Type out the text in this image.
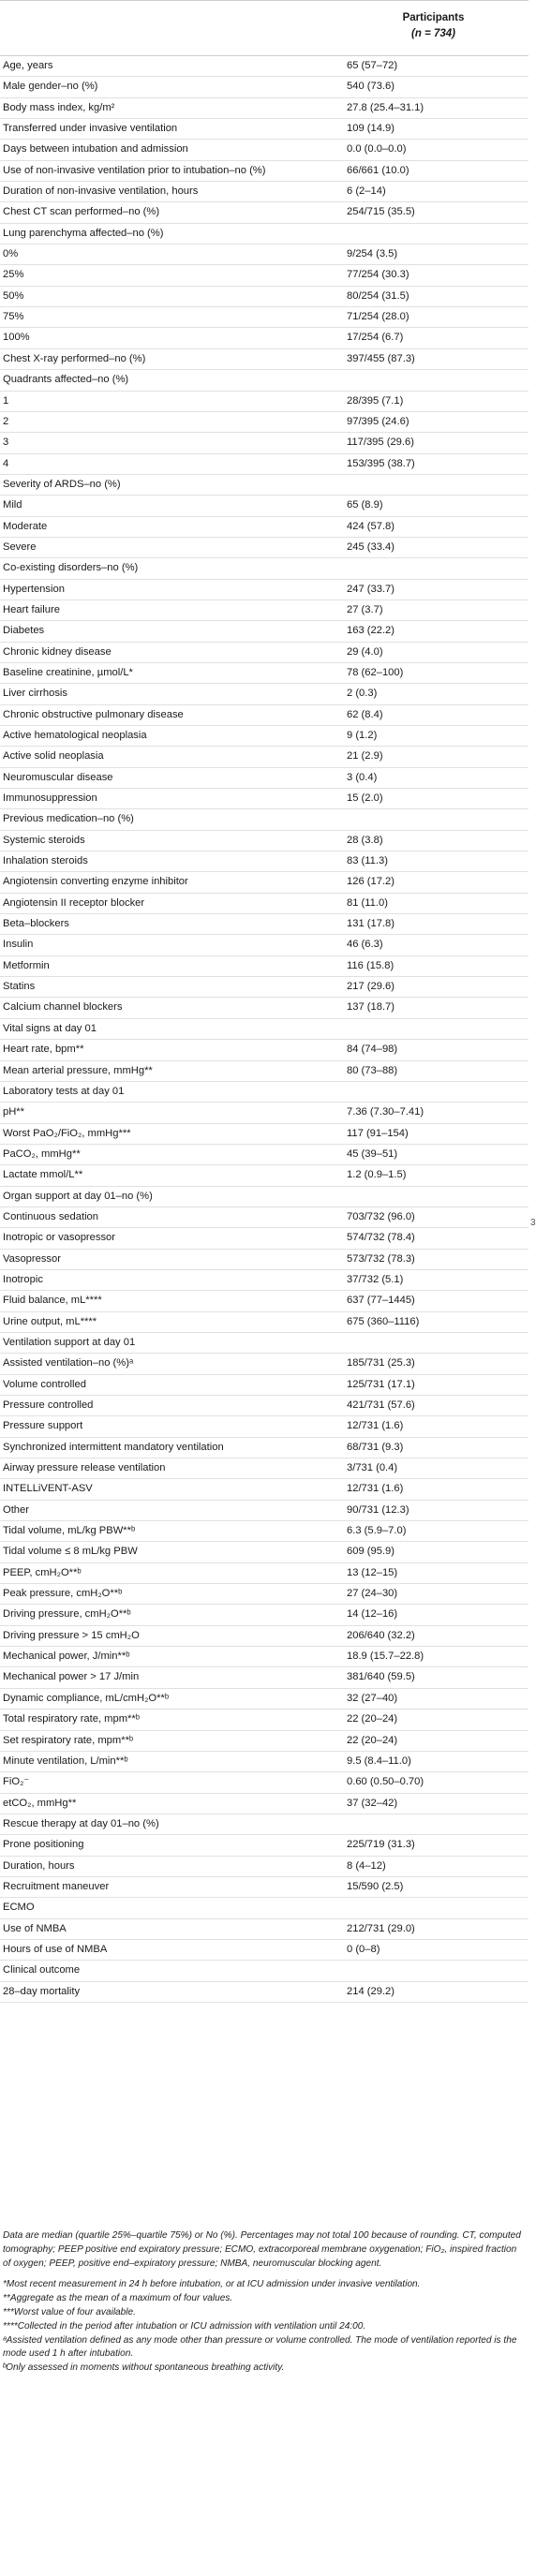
Participants
(n = 734)
Age, years	65 (57–72)
Male gender–no (%)	540 (73.6)
Body mass index, kg/m²	27.8 (25.4–31.1)
Transferred under invasive ventilation	109 (14.9)
Days between intubation and admission	0.0 (0.0–0.0)
Use of non-invasive ventilation prior to intubation–no (%)	66/661 (10.0)
Duration of non-invasive ventilation, hours	6 (2–14)
Chest CT scan performed–no (%)	254/715 (35.5)
Lung parenchyma affected–no (%)
0%	9/254 (3.5)
25%	77/254 (30.3)
50%	80/254 (31.5)
75%	71/254 (28.0)
100%	17/254 (6.7)
Chest X-ray performed–no (%)	397/455 (87.3)
Quadrants affected–no (%)
1	28/395 (7.1)
2	97/395 (24.6)
3	117/395 (29.6)
4	153/395 (38.7)
Severity of ARDS–no (%)
Mild	65 (8.9)
Moderate	424 (57.8)
Severe	245 (33.4)
Co-existing disorders–no (%)
Hypertension	247 (33.7)
Heart failure	27 (3.7)
Diabetes	163 (22.2)
Chronic kidney disease	29 (4.0)
Baseline creatinine, µmol/L*	78 (62–100)
Liver cirrhosis	2 (0.3)
Chronic obstructive pulmonary disease	62 (8.4)
Active hematological neoplasia	9 (1.2)
Active solid neoplasia	21 (2.9)
Neuromuscular disease	3 (0.4)
Immunosuppression	15 (2.0)
Previous medication–no (%)
Systemic steroids	28 (3.8)
Inhalation steroids	83 (11.3)
Angiotensin converting enzyme inhibitor	126 (17.2)
Angiotensin II receptor blocker	81 (11.0)
Beta–blockers	131 (17.8)
Insulin	46 (6.3)
Metformin	116 (15.8)
Statins	217 (29.6)
Calcium channel blockers	137 (18.7)
Vital signs at day 01
Heart rate, bpm**	84 (74–98)
Mean arterial pressure, mmHg**	80 (73–88)
Laboratory tests at day 01
pH**	7.36 (7.30–7.41)
Worst PaO₂/FiO₂, mmHg***	117 (91–154)
PaCO₂, mmHg**	45 (39–51)
Lactate mmol/L**	1.2 (0.9–1.5)
Organ support at day 01–no (%)
Continuous sedation	703/732 (96.0)
Inotropic or vasopressor	574/732 (78.4)
Vasopressor	573/732 (78.3)
Inotropic	37/732 (5.1)
Fluid balance, mL****	637 (77–1445)
Urine output, mL****	675 (360–1116)
Ventilation support at day 01
Assisted ventilation–no (%)ᵃ	185/731 (25.3)
Volume controlled	125/731 (17.1)
Pressure controlled	421/731 (57.6)
Pressure support	12/731 (1.6)
Synchronized intermittent mandatory ventilation	68/731 (9.3)
Airway pressure release ventilation	3/731 (0.4)
INTELLiVENT-ASV	12/731 (1.6)
Other	90/731 (12.3)
Tidal volume, mL/kg PBW**ᵇ	6.3 (5.9–7.0)
Tidal volume ≤ 8 mL/kg PBW	609 (95.9)
PEEP, cmH₂O**ᵇ	13 (12–15)
Peak pressure, cmH₂O**ᵇ	27 (24–30)
Driving pressure, cmH₂O**ᵇ	14 (12–16)
Driving pressure > 15 cmH₂O	206/640 (32.2)
Mechanical power, J/min**ᵇ	18.9 (15.7–22.8)
Mechanical power > 17 J/min	381/640 (59.5)
Dynamic compliance, mL/cmH₂O**ᵇ	32 (27–40)
Total respiratory rate, mpm**ᵇ	22 (20–24)
Set respiratory rate, mpm**ᵇ	22 (20–24)
Minute ventilation, L/min**ᵇ	9.5 (8.4–11.0)
FiO₂⁻	0.60 (0.50–0.70)
etCO₂, mmHg**	37 (32–42)
Rescue therapy at day 01–no (%)
Prone positioning	225/719 (31.3)
Duration, hours	8 (4–12)
Recruitment maneuver	15/590 (2.5)
ECMO
Use of NMBA	212/731 (29.0)
Hours of use of NMBA	0 (0–8)
Clinical outcome
28–day mortality	214 (29.2)

Data are median (quartile 25%–quartile 75%) or No (%). Percentages may not total 100 because of rounding. CT, computed tomography; PEEP positive end expiratory pressure; ECMO, extracorporeal membrane oxygenation; FiO₂, inspired fraction of oxygen; PEEP, positive end–expiratory pressure; NMBA, neuromuscular blocking agent.

*Most recent measurement in 24 h before intubation, or at ICU admission under invasive ventilation.

**Aggregate as the mean of a maximum of four values.

***Worst value of four available.

****Collected in the period after intubation or ICU admission with ventilation until 24:00.

ᵃAssisted ventilation defined as any mode other than pressure or volume controlled. The mode of ventilation reported is the mode used 1 h after intubation.

ᵇOnly assessed in moments without spontaneous breathing activity.

3
